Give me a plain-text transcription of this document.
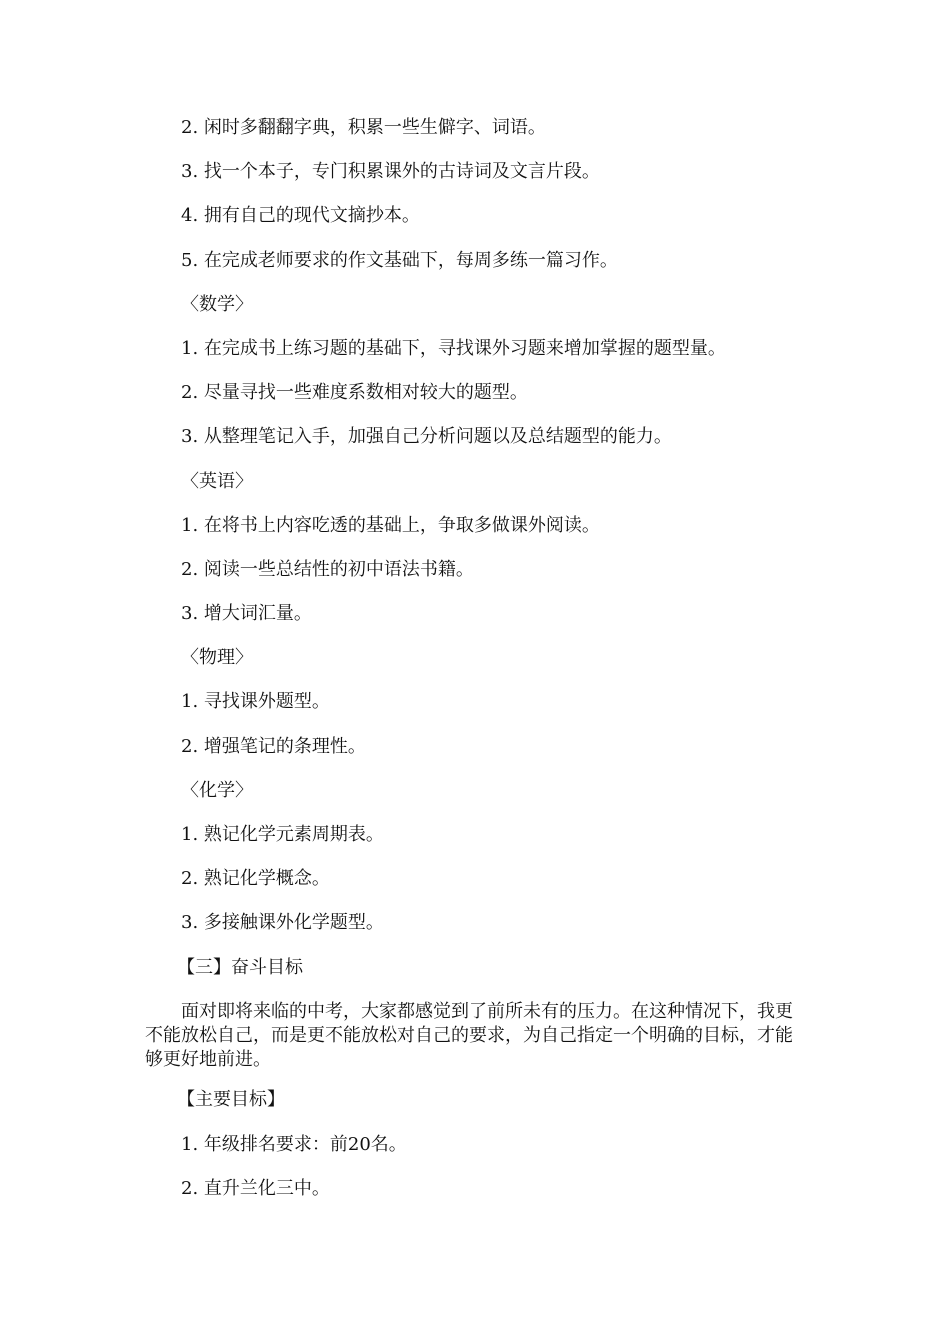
2. 闲时多翻翻字典，积累一些生僻字、词语。

3. 找一个本子，专门积累课外的古诗词及文言片段。

4. 拥有自己的现代文摘抄本。

5. 在完成老师要求的作文基础下，每周多练一篇习作。

〈数学〉

1. 在完成书上练习题的基础下，寻找课外习题来增加掌握的题型量。

2. 尽量寻找一些难度系数相对较大的题型。

3. 从整理笔记入手，加强自己分析问题以及总结题型的能力。

〈英语〉

1. 在将书上内容吃透的基础上，争取多做课外阅读。

2. 阅读一些总结性的初中语法书籍。

3. 增大词汇量。

〈物理〉

1. 寻找课外题型。

2. 增强笔记的条理性。

〈化学〉

1. 熟记化学元素周期表。

2. 熟记化学概念。

3. 多接触课外化学题型。

【三】奋斗目标

面对即将来临的中考，大家都感觉到了前所未有的压力。在这种情况下，我更不能放松自己，而是更不能放松对自己的要求，为自己指定一个明确的目标，才能够更好地前进。

【主要目标】

1. 年级排名要求：前20名。

2. 直升兰化三中。
